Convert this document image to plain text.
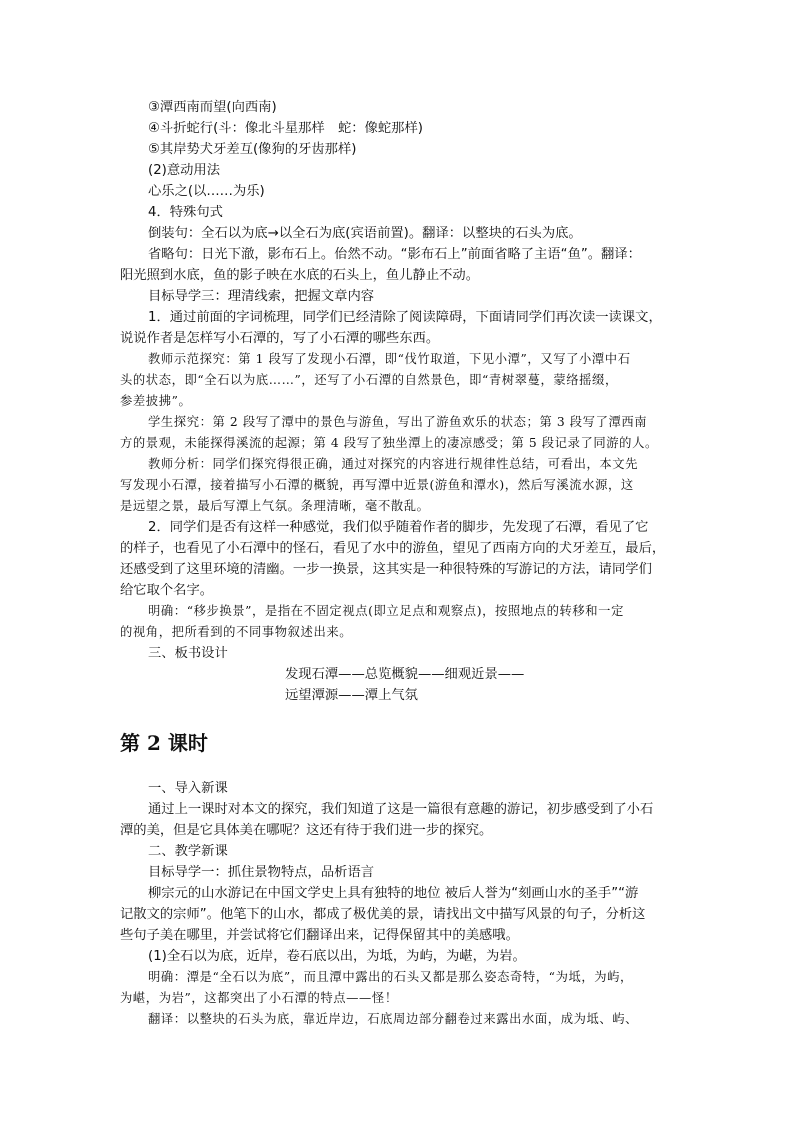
③潭西南而望(向西南)
④斗折蛇行(斗：像北斗星那样　蛇：像蛇那样)
⑤其岸势犬牙差互(像狗的牙齿那样)
(2)意动用法
心乐之(以……为乐)
4．特殊句式
倒装句：全石以为底→以全石为底(宾语前置)。翻译：以整块的石头为底。
省略句：日光下澈，影布石上。佁然不动。“影布石上”前面省略了主语“鱼”。翻译：
阳光照到水底，鱼的影子映在水底的石头上，鱼儿静止不动。
目标导学三：理清线索，把握文章内容
1．通过前面的字词梳理，同学们已经清除了阅读障碍，下面请同学们再次读一读课文，
说说作者是怎样写小石潭的，写了小石潭的哪些东西。
教师示范探究：第 1 段写了发现小石潭，即“伐竹取道，下见小潭”，又写了小潭中石
头的状态，即“全石以为底……”，还写了小石潭的自然景色，即“青树翠蔓，蒙络摇缀，
参差披拂”。
学生探究：第 2 段写了潭中的景色与游鱼，写出了游鱼欢乐的状态；第 3 段写了潭西南
方的景观，未能探得溪流的起源；第 4 段写了独坐潭上的凄凉感受；第 5 段记录了同游的人。
教师分析：同学们探究得很正确，通过对探究的内容进行规律性总结，可看出，本文先
写发现小石潭，接着描写小石潭的概貌，再写潭中近景(游鱼和潭水)，然后写溪流水源，这
是远望之景，最后写潭上气氛。条理清晰，毫不散乱。
2．同学们是否有这样一种感觉，我们似乎随着作者的脚步，先发现了石潭，看见了它
的样子，也看见了小石潭中的怪石，看见了水中的游鱼，望见了西南方向的犬牙差互，最后，
还感受到了这里环境的清幽。一步一换景，这其实是一种很特殊的写游记的方法，请同学们
给它取个名字。
明确：“移步换景”，是指在不固定视点(即立足点和观察点)，按照地点的转移和一定
的视角，把所看到的不同事物叙述出来。
三、板书设计
发现石潭——总览概貌——细观近景——
远望潭源——潭上气氛
第 2 课时
一、导入新课
通过上一课时对本文的探究，我们知道了这是一篇很有意趣的游记，初步感受到了小石
潭的美，但是它具体美在哪呢？这还有待于我们进一步的探究。
二、教学新课
目标导学一：抓住景物特点，品析语言
柳宗元的山水游记在中国文学史上具有独特的地位 被后人誉为“刻画山水的圣手”“游
记散文的宗师”。他笔下的山水，都成了极优美的景，请找出文中描写风景的句子，分析这
些句子美在哪里，并尝试将它们翻译出来，记得保留其中的美感哦。
(1)全石以为底，近岸，卷石底以出，为坻，为屿，为嵁，为岩。
明确：潭是“全石以为底”，而且潭中露出的石头又都是那么姿态奇特，“为坻，为屿，
为嵁，为岩”，这都突出了小石潭的特点——怪！
翻译：以整块的石头为底，靠近岸边，石底周边部分翻卷过来露出水面，成为坻、屿、
